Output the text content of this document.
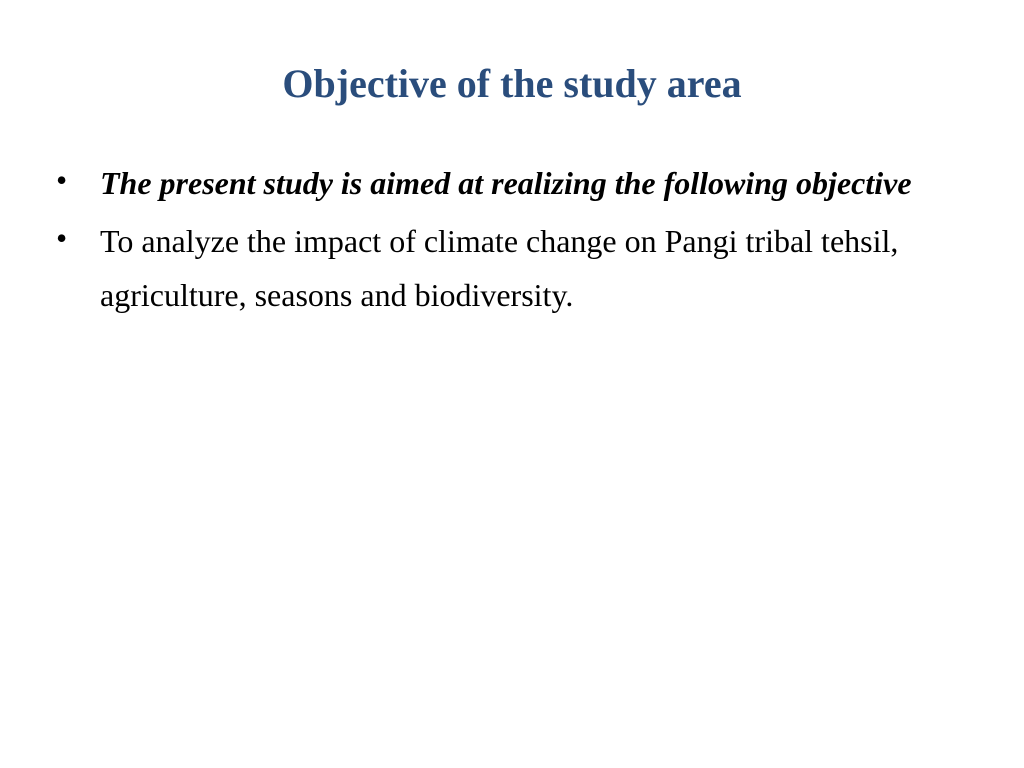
Objective of the study area
• The present study is aimed at realizing the following objective
• To analyze the impact of climate change on Pangi tribal tehsil, agriculture, seasons and biodiversity.
